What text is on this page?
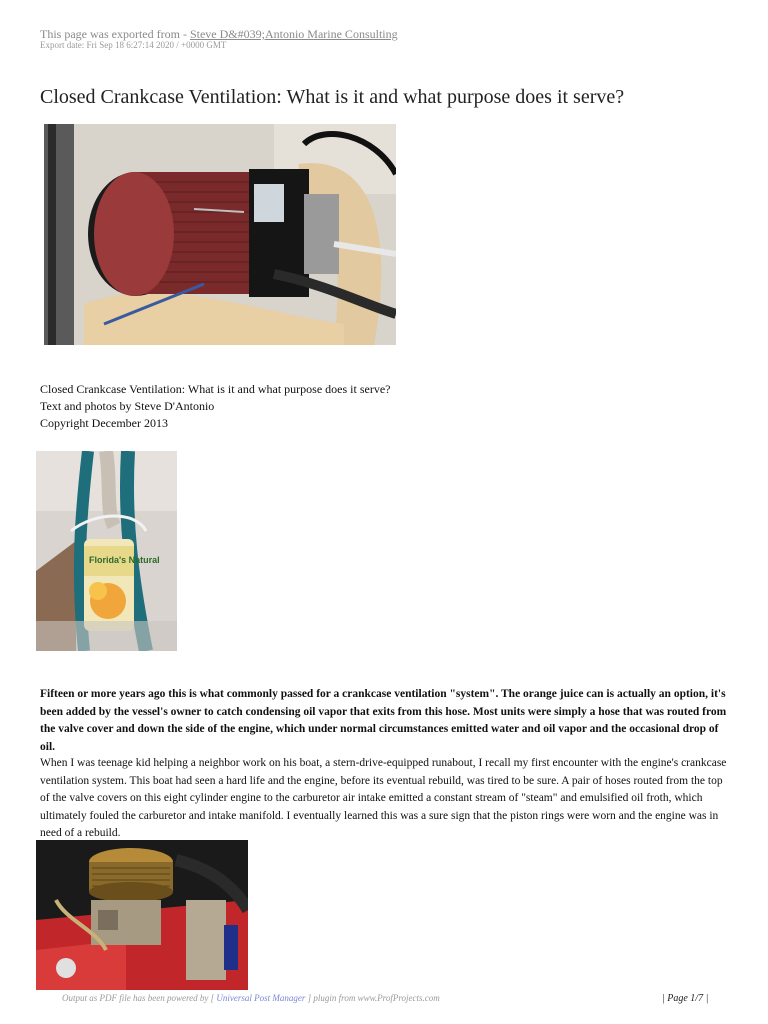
This page was exported from - Steve D&#039;Antonio Marine Consulting
Export date: Fri Sep 18 6:27:14 2020 / +0000 GMT
Closed Crankcase Ventilation: What is it and what purpose does it serve?
Closed Crankcase Ventilation: What is it and what purpose does it serve?
Text and photos by Steve D'Antonio
Copyright December 2013
Florida's Natural
Fifteen or more years ago this is what commonly passed for a crankcase ventilation "system". The orange juice can is actually an option, it's been added by the vessel's owner to catch condensing oil vapor that exits from this hose. Most units were simply a hose that was routed from the valve cover and down the side of the engine, which under normal circumstances emitted water and oil vapor and the occasional drop of oil.
When I was teenage kid helping a neighbor work on his boat, a stern-drive-equipped runabout, I recall my first encounter with the engine's crankcase ventilation system. This boat had seen a hard life and the engine, before its eventual rebuild, was tired to be sure. A pair of hoses routed from the top of the valve covers on this eight cylinder engine to the carburetor air intake emitted a constant stream of "steam" and emulsified oil froth, which ultimately fouled the carburetor and intake manifold. I eventually learned this was a sure sign that the piston rings were worn and the engine was in need of a rebuild.
Output as PDF file has been powered by [ Universal Post Manager ] plugin from www.ProfProjects.com	| Page 1/7 |
